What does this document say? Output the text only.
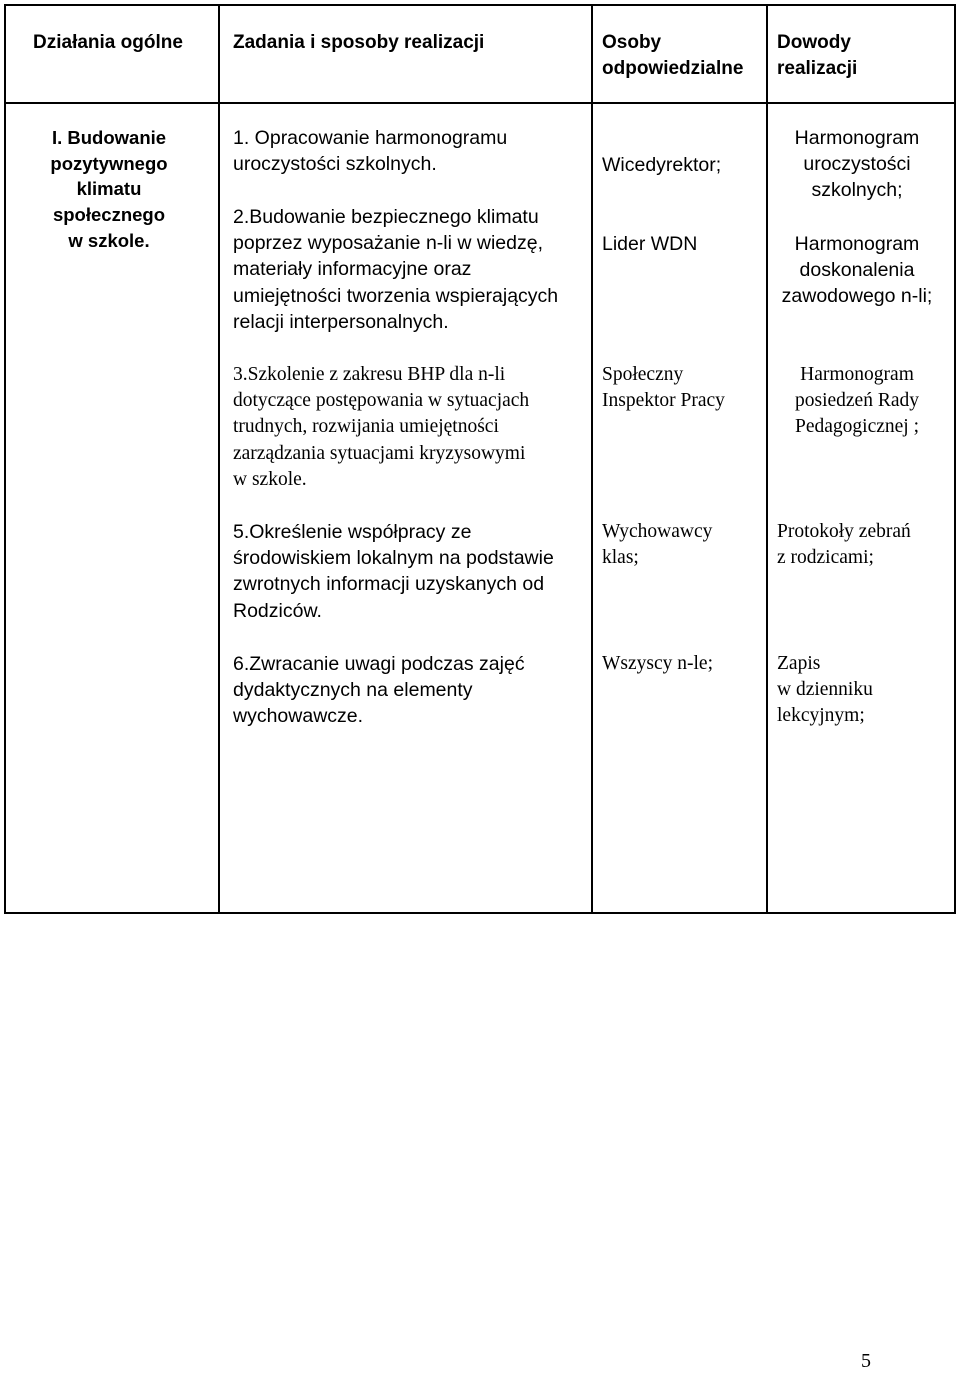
Działania ogólne	Zadania i sposoby realizacji	Osoby
odpowiedzialne
Dowody
realizacji
I. Budowanie
pozytywnego
klimatu
społecznego
w szkole.
1. Opracowanie harmonogramu
uroczystości szkolnych.
2.Budowanie bezpiecznego klimatu
poprzez wyposażanie n-li w wiedzę,
materiały informacyjne oraz
umiejętności tworzenia wspierających
relacji interpersonalnych.
3.Szkolenie z zakresu BHP dla n-li
dotyczące postępowania w sytuacjach
trudnych, rozwijania umiejętności
zarządzania sytuacjami kryzysowymi
w szkole.
5.Określenie współpracy ze
środowiskiem lokalnym na podstawie
zwrotnych informacji uzyskanych od
Rodziców.
6.Zwracanie uwagi podczas zajęć
dydaktycznych na elementy
wychowawcze.
Wicedyrektor;
Lider WDN
Społeczny
Inspektor Pracy
Wychowawcy
klas;
Wszyscy n-le;
Harmonogram
uroczystości
szkolnych;
Harmonogram
doskonalenia
zawodowego n-li;
Harmonogram
posiedzeń Rady
Pedagogicznej ;
Protokoły zebrań
z rodzicami;
Zapis
w dzienniku
lekcyjnym;
5
